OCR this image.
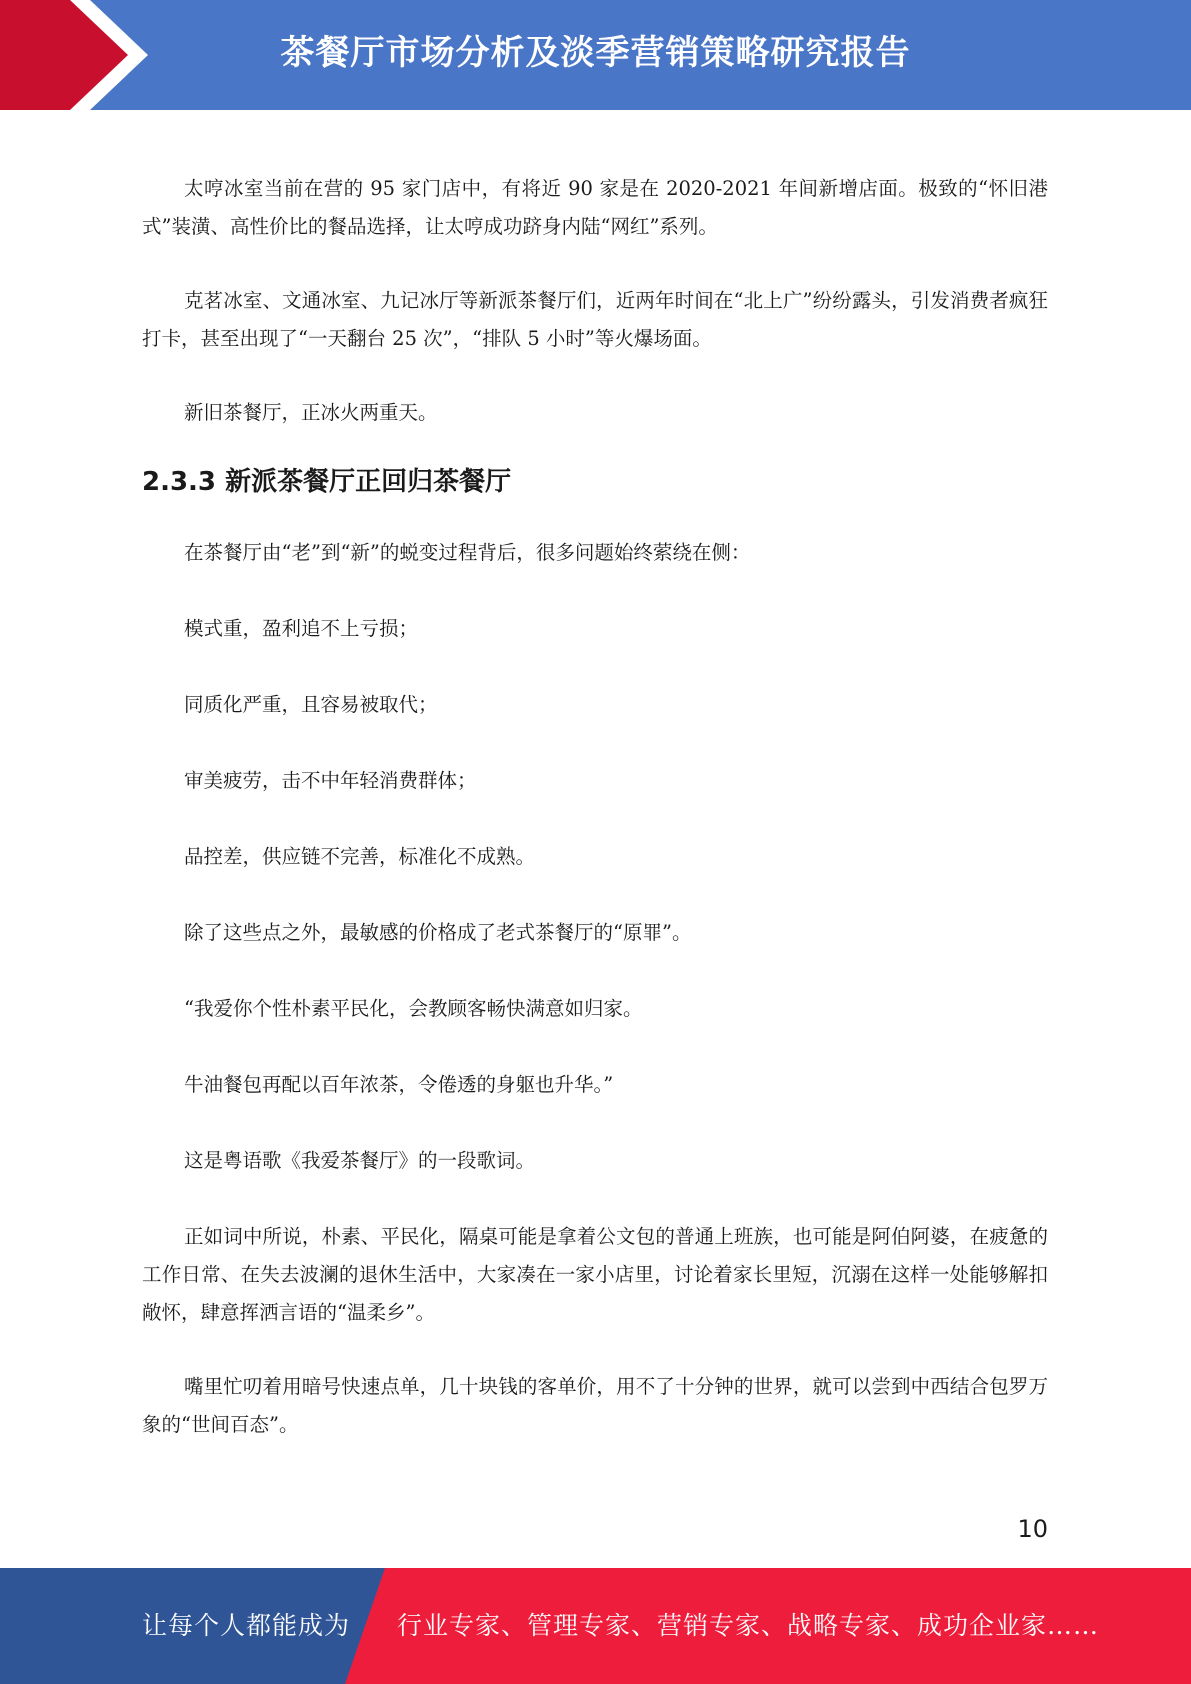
茶餐厅市场分析及淡季营销策略研究报告

太哼冰室当前在营的 95 家门店中，有将近 90 家是在 2020-2021 年间新增店面。极致的“怀旧港式”装潢、高性价比的餐品选择，让太哼成功跻身内陆“网红”系列。

克茗冰室、文通冰室、九记冰厅等新派茶餐厅们，近两年时间在“北上广”纷纷露头，引发消费者疯狂打卡，甚至出现了“一天翻台 25 次”，“排队 5 小时”等火爆场面。

新旧茶餐厅，正冰火两重天。

2.3.3 新派茶餐厅正回归茶餐厅

在茶餐厅由“老”到“新”的蜕变过程背后，很多问题始终萦绕在侧：

模式重，盈利追不上亏损；

同质化严重，且容易被取代；

审美疲劳，击不中年轻消费群体；

品控差，供应链不完善，标准化不成熟。

除了这些点之外，最敏感的价格成了老式茶餐厅的“原罪”。

“我爱你个性朴素平民化，会教顾客畅快满意如归家。

牛油餐包再配以百年浓茶，令倦透的身躯也升华。”

这是粤语歌《我爱茶餐厅》的一段歌词。

正如词中所说，朴素、平民化，隔桌可能是拿着公文包的普通上班族，也可能是阿伯阿婆，在疲惫的工作日常、在失去波澜的退休生活中，大家凑在一家小店里，讨论着家长里短，沉溺在这样一处能够解扣敞怀，肆意挥洒言语的“温柔乡”。

嘴里忙叨着用暗号快速点单，几十块钱的客单价，用不了十分钟的世界，就可以尝到中西结合包罗万象的“世间百态”。

10
让每个人都能成为 行业专家、管理专家、营销专家、战略专家、成功企业家……
